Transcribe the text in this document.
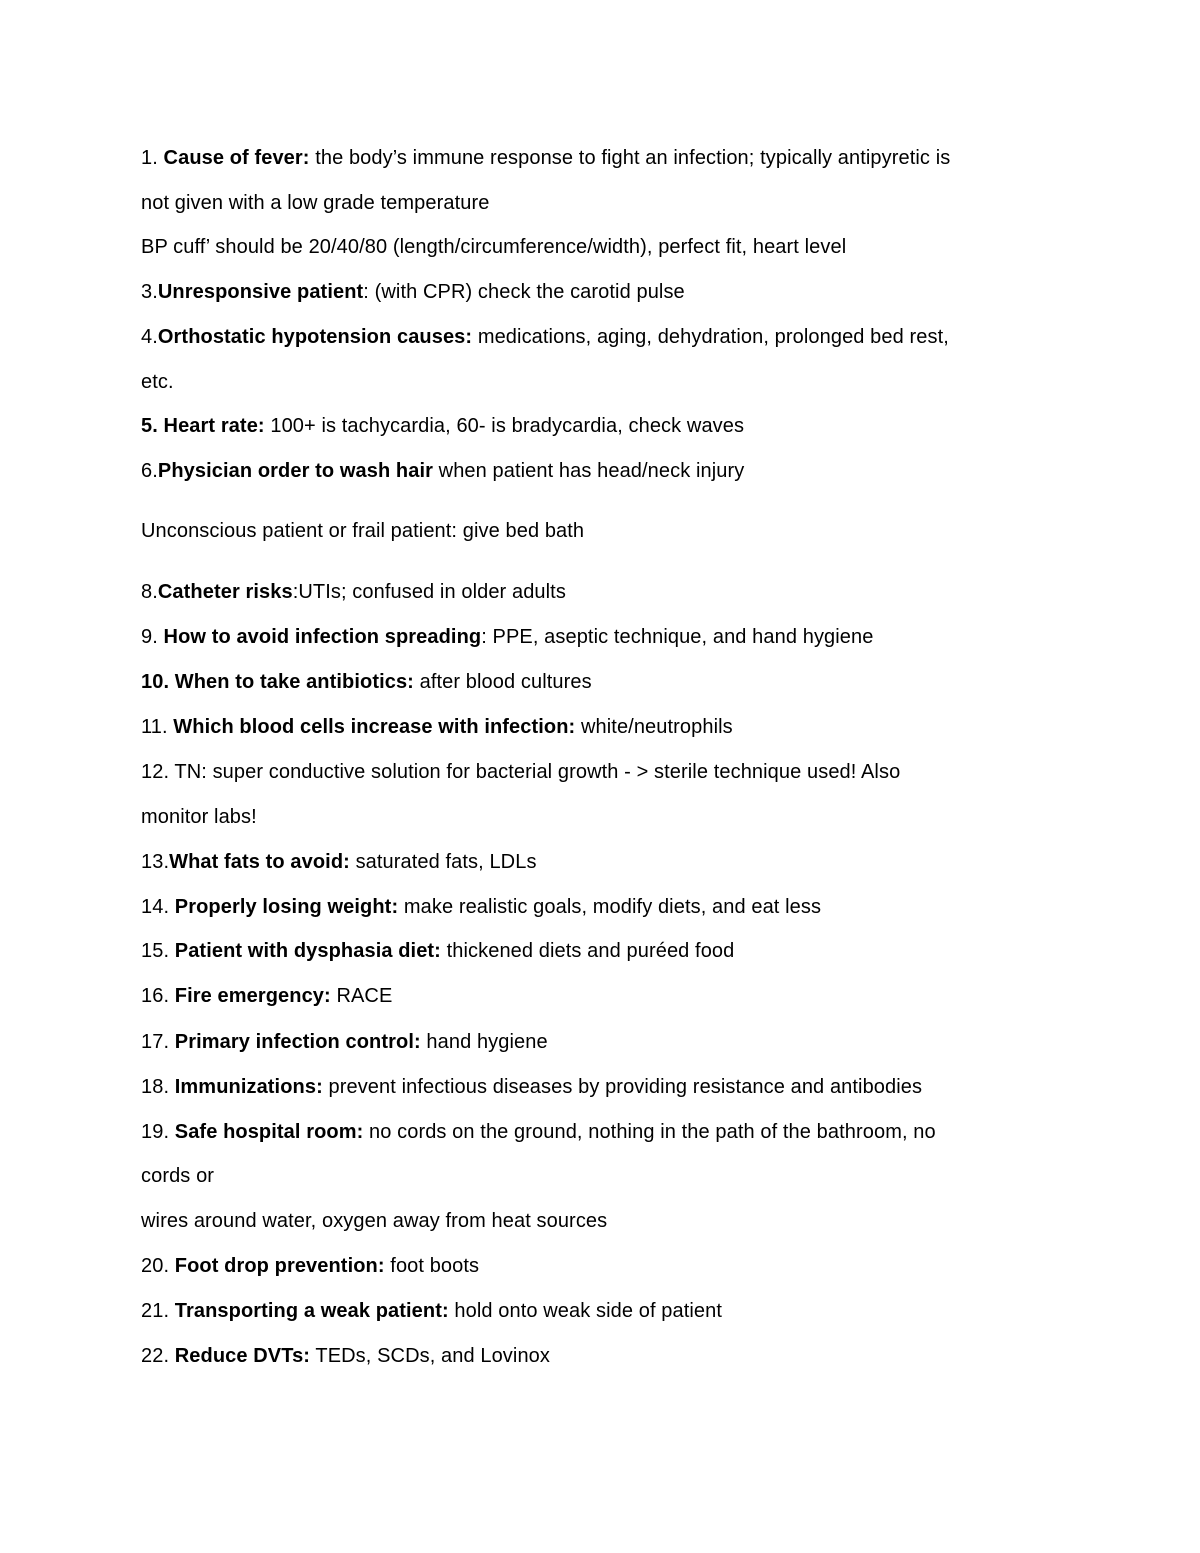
1. Cause of fever: the body’s immune response to fight an infection; typically antipyretic is
not given with a low grade temperature
BP cuff’ should be 20/40/80 (length/circumference/width), perfect fit, heart level
3.Unresponsive patient: (with CPR) check the carotid pulse
4.Orthostatic hypotension causes: medications, aging, dehydration, prolonged bed rest,
etc.
5. Heart rate: 100+ is tachycardia, 60- is bradycardia, check waves
6.Physician order to wash hair when patient has head/neck injury
Unconscious patient or frail patient: give bed bath
8.Catheter risks:UTIs; confused in older adults
9. How to avoid infection spreading: PPE, aseptic technique, and hand hygiene
10. When to take antibiotics: after blood cultures
11. Which blood cells increase with infection: white/neutrophils
12. TN: super conductive solution for bacterial growth - > sterile technique used! Also
monitor labs!
13.What fats to avoid: saturated fats, LDLs
14. Properly losing weight: make realistic goals, modify diets, and eat less
15. Patient with dysphasia diet: thickened diets and puréed food
16. Fire emergency: RACE
17. Primary infection control: hand hygiene
18. Immunizations: prevent infectious diseases by providing resistance and antibodies
19. Safe hospital room: no cords on the ground, nothing in the path of the bathroom, no
cords or
wires around water, oxygen away from heat sources
20. Foot drop prevention: foot boots
21. Transporting a weak patient: hold onto weak side of patient
22. Reduce DVTs: TEDs, SCDs, and Lovinox
